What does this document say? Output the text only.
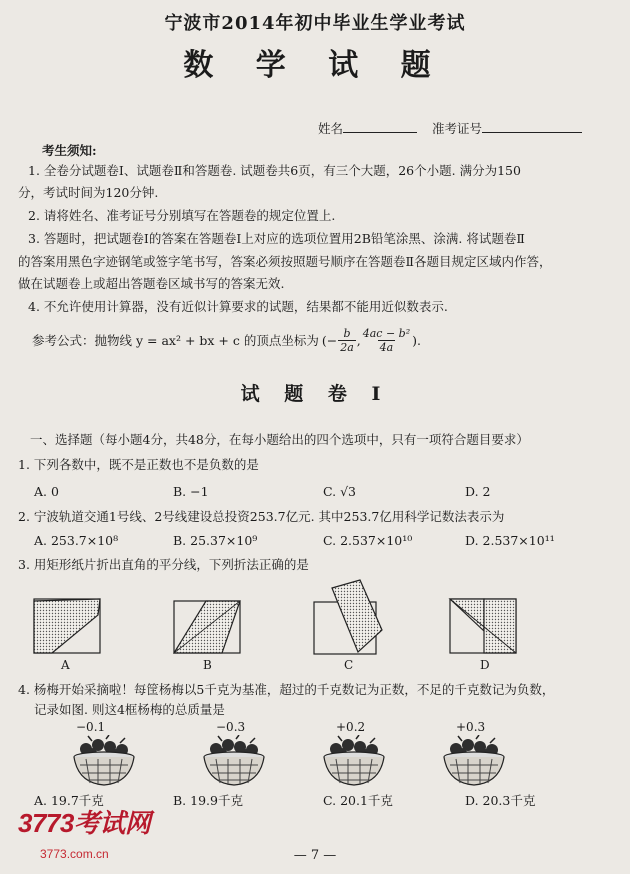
宁波市2014年初中毕业生学业考试
数 学 试 题
姓名	准考证号
考生须知:
1. 全卷分试题卷Ⅰ、试题卷Ⅱ和答题卷. 试题卷共6页，有三个大题，26个小题. 满分为150
分，考试时间为120分钟.
2. 请将姓名、准考证号分别填写在答题卷的规定位置上.
3. 答题时，把试题卷Ⅰ的答案在答题卷Ⅰ上对应的选项位置用2B铅笔涂黑、涂满. 将试题卷Ⅱ
的答案用黑色字迹钢笔或签字笔书写，答案必须按照题号顺序在答题卷Ⅱ各题目规定区域内作答，
做在试题卷上或超出答题卷区域书写的答案无效.
4. 不允许使用计算器，没有近似计算要求的试题，结果都不能用近似数表示.
参考公式：抛物线 y = ax² + bx + c 的顶点坐标为 (− $\frac{b}{2a}$ , $\frac{\text{4ac − b²}}{4a}$ ).
试 题 卷 Ⅰ
一、选择题（每小题4分，共48分，在每小题给出的四个选项中，只有一项符合题目要求）
1. 下列各数中，既不是正数也不是负数的是
A. 0	B. −1	C. √3	D. 2
2. 宁波轨道交通1号线、2号线建设总投资253.7亿元. 其中253.7亿用科学记数法表示为
A. 253.7×10⁸	B. 25.37×10⁹	C. 2.537×10¹⁰	D. 2.537×10¹¹
3. 用矩形纸片折出直角的平分线，下列折法正确的是
A	B	C	D
4. 杨梅开始采摘啦！每筐杨梅以5千克为基准，超过的千克数记为正数，不足的千克数记为负数，
记录如图. 则这4框杨梅的总质量是
−0.1	−0.3	+0.2	+0.3
A. 19.7千克	B. 19.9千克	C. 20.1千克	D. 20.3千克
— 7 —
3773考试网
3773.com.cn
